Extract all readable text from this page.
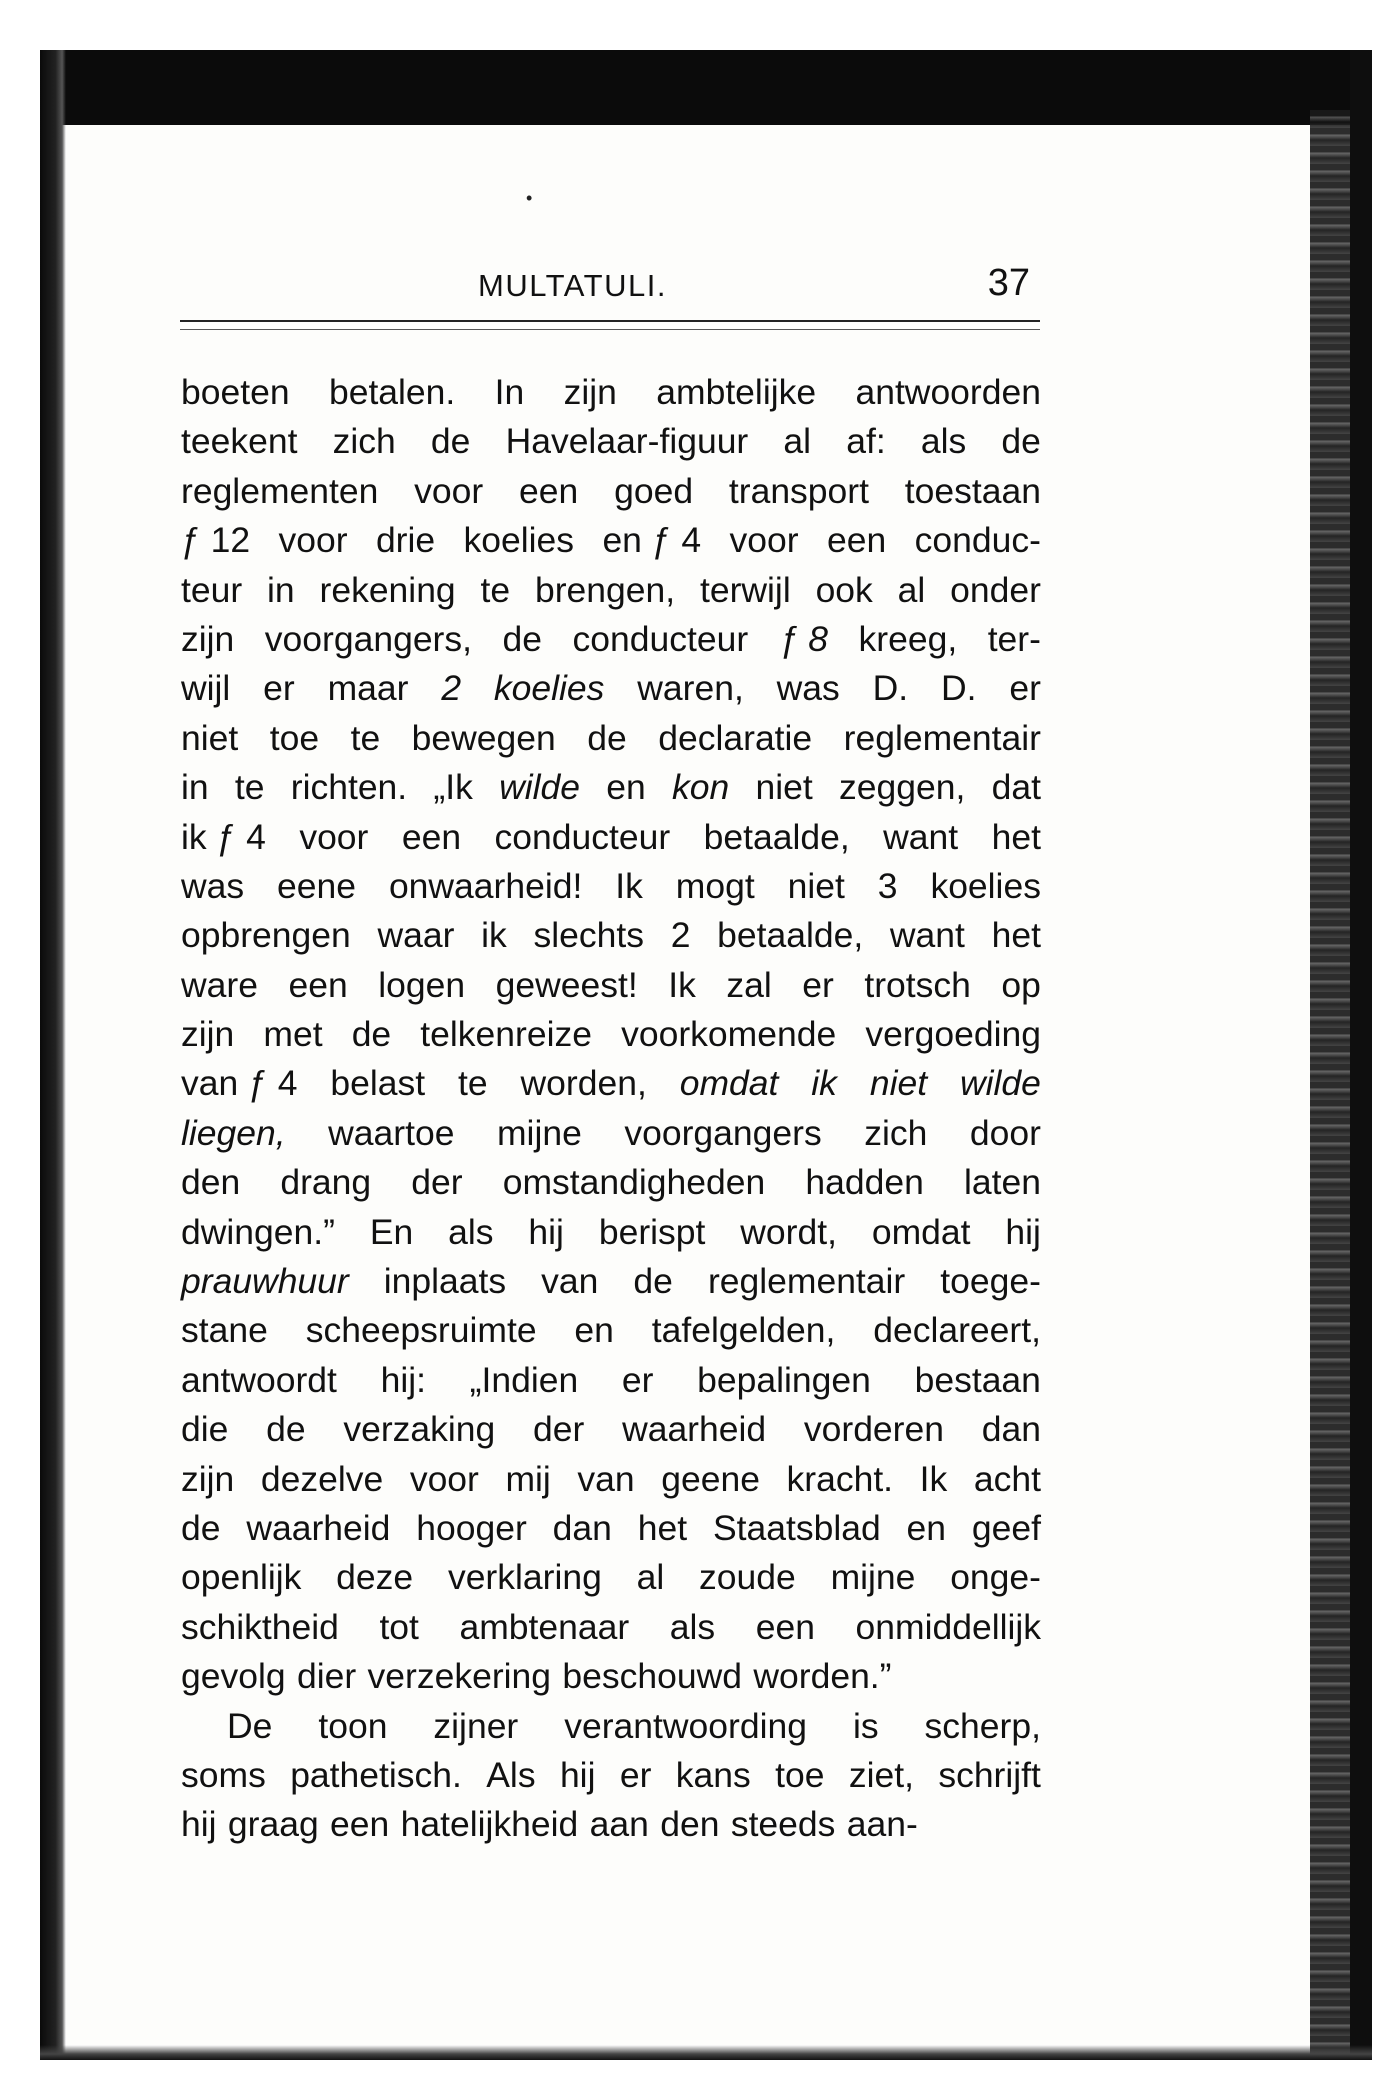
•
MULTATULI.	37
boeten betalen. In zijn ambtelijke antwoorden
teekent zich de Havelaar-figuur al af: als de
reglementen voor een goed transport toestaan
ƒ 12 voor drie koelies en ƒ 4 voor een conduc-
teur in rekening te brengen, terwijl ook al onder
zijn voorgangers, de conducteur ƒ 8 kreeg, ter-
wijl er maar 2 koelies waren, was D. D. er
niet toe te bewegen de declaratie reglementair
in te richten. „Ik wilde en kon niet zeggen, dat
ik ƒ 4 voor een conducteur betaalde, want het
was eene onwaarheid! Ik mogt niet 3 koelies
opbrengen waar ik slechts 2 betaalde, want het
ware een logen geweest! Ik zal er trotsch op
zijn met de telkenreize voorkomende vergoeding
van ƒ 4 belast te worden, omdat ik niet wilde
liegen, waartoe mijne voorgangers zich door
den drang der omstandigheden hadden laten
dwingen.” En als hij berispt wordt, omdat hij
prauwhuur inplaats van de reglementair toege-
stane scheepsruimte en tafelgelden, declareert,
antwoordt hij: „Indien er bepalingen bestaan
die de verzaking der waarheid vorderen dan
zijn dezelve voor mij van geene kracht. Ik acht
de waarheid hooger dan het Staatsblad en geef
openlijk deze verklaring al zoude mijne onge-
schiktheid tot ambtenaar als een onmiddellijk
gevolg dier verzekering beschouwd worden.”
De toon zijner verantwoording is scherp,
soms pathetisch. Als hij er kans toe ziet, schrijft
hij graag een hatelijkheid aan den steeds aan-
